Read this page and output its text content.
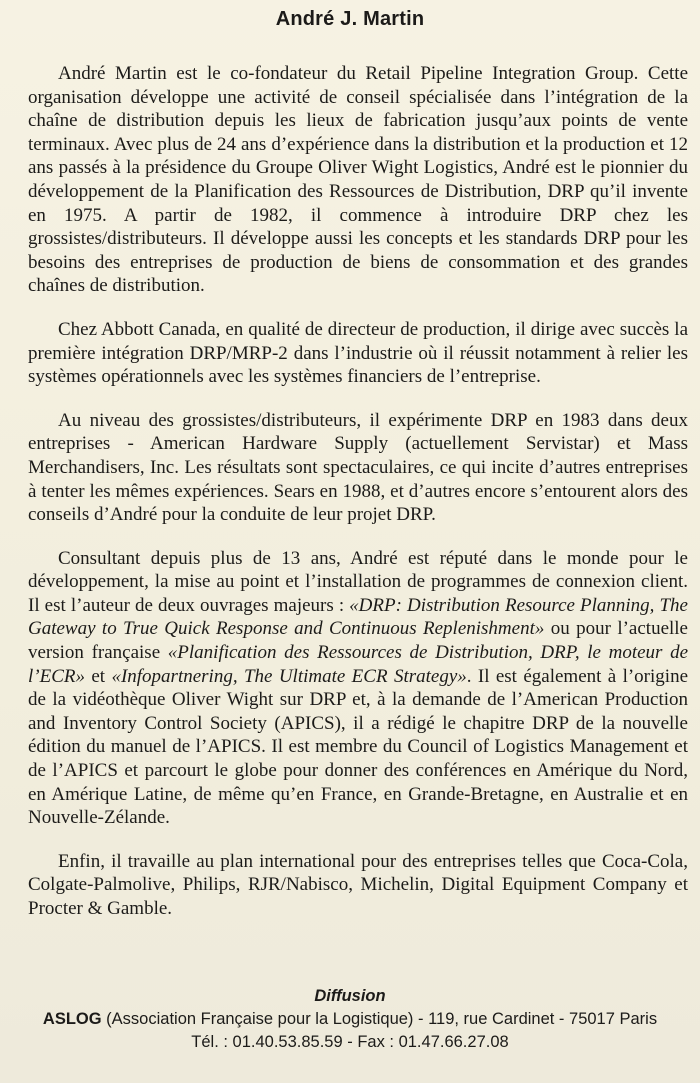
André J. Martin

André Martin est le co-fondateur du Retail Pipeline Integration Group. Cette organisation développe une activité de conseil spécialisée dans l’intégration de la chaîne de distribution depuis les lieux de fabrication jusqu’aux points de vente terminaux. Avec plus de 24 ans d’expérience dans la distribution et la production et 12 ans passés à la présidence du Groupe Oliver Wight Logistics, André est le pionnier du développement de la Planification des Ressources de Distribution, DRP qu’il invente en 1975. A partir de 1982, il commence à introduire DRP chez les grossistes/distributeurs. Il développe aussi les concepts et les standards DRP pour les besoins des entreprises de production de biens de consommation et des grandes chaînes de distribution.

Chez Abbott Canada, en qualité de directeur de production, il dirige avec succès la première intégration DRP/MRP-2 dans l’industrie où il réussit notamment à relier les systèmes opérationnels avec les systèmes financiers de l’entreprise.

Au niveau des grossistes/distributeurs, il expérimente DRP en 1983 dans deux entreprises - American Hardware Supply (actuellement Servistar) et Mass Merchandisers, Inc. Les résultats sont spectaculaires, ce qui incite d’autres entreprises à tenter les mêmes expériences. Sears en 1988, et d’autres encore s’entourent alors des conseils d’André pour la conduite de leur projet DRP.

Consultant depuis plus de 13 ans, André est réputé dans le monde pour le développement, la mise au point et l’installation de programmes de connexion client. Il est l’auteur de deux ouvrages majeurs : «DRP: Distribution Resource Planning, The Gateway to True Quick Response and Continuous Replenishment» ou pour l’actuelle version française «Planification des Ressources de Distribution, DRP, le moteur de l’ECR» et «Infopartnering, The Ultimate ECR Strategy». Il est également à l’origine de la vidéothèque Oliver Wight sur DRP et, à la demande de l’American Production and Inventory Control Society (APICS), il a rédigé le chapitre DRP de la nouvelle édition du manuel de l’APICS. Il est membre du Council of Logistics Management et de l’APICS et parcourt le globe pour donner des conférences en Amérique du Nord, en Amérique Latine, de même qu’en France, en Grande-Bretagne, en Australie et en Nouvelle-Zélande.

Enfin, il travaille au plan international pour des entreprises telles que Coca-Cola, Colgate-Palmolive, Philips, RJR/Nabisco, Michelin, Digital Equipment Company et Procter & Gamble.

Diffusion
ASLOG (Association Française pour la Logistique) - 119, rue Cardinet - 75017 Paris
Tél. : 01.40.53.85.59 - Fax : 01.47.66.27.08
